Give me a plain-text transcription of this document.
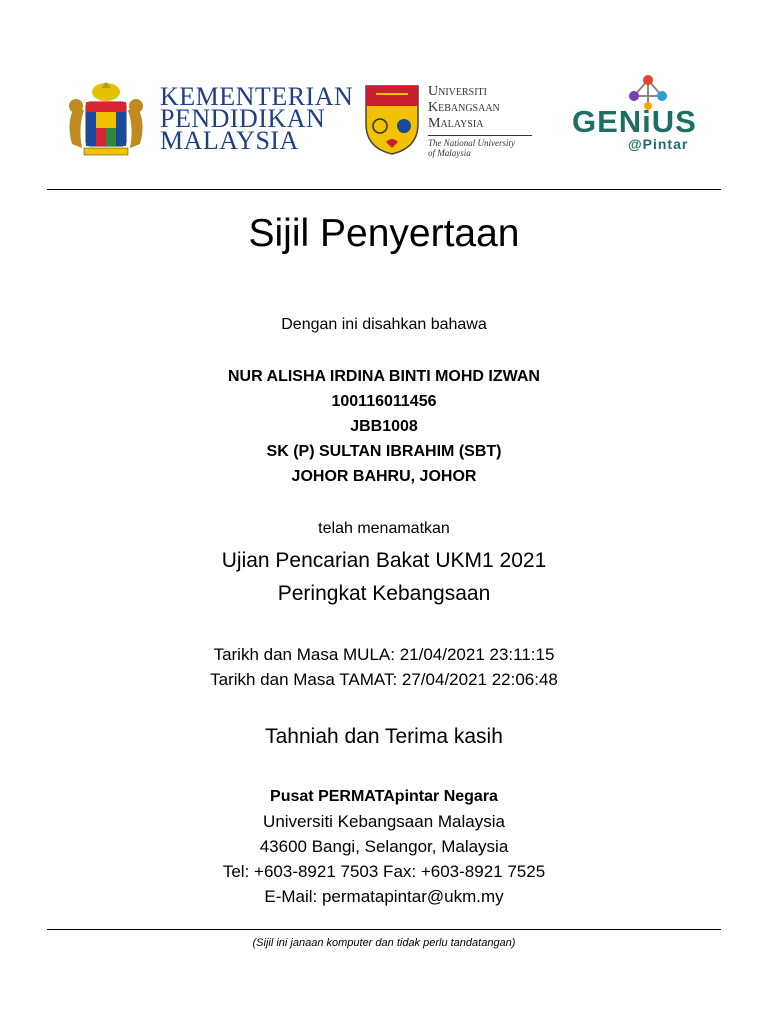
KEMENTERIAN
PENDIDIKAN
MALAYSIA
Universiti
Kebangsaan
Malaysia
The National University
of Malaysia
GENiUS
@Pintar
Sijil Penyertaan
Dengan ini disahkan bahawa
NUR ALISHA IRDINA BINTI MOHD IZWAN
100116011456
JBB1008
SK (P) SULTAN IBRAHIM (SBT)
JOHOR BAHRU, JOHOR
telah menamatkan
Ujian Pencarian Bakat UKM1 2021
Peringkat Kebangsaan
Tarikh dan Masa MULA: 21/04/2021 23:11:15
Tarikh dan Masa TAMAT: 27/04/2021 22:06:48
Tahniah dan Terima kasih
Pusat PERMATApintar Negara
Universiti Kebangsaan Malaysia
43600 Bangi, Selangor, Malaysia
Tel: +603-8921 7503 Fax: +603-8921 7525
E-Mail: permatapintar@ukm.my
(Sijil ini janaan komputer dan tidak perlu tandatangan)
